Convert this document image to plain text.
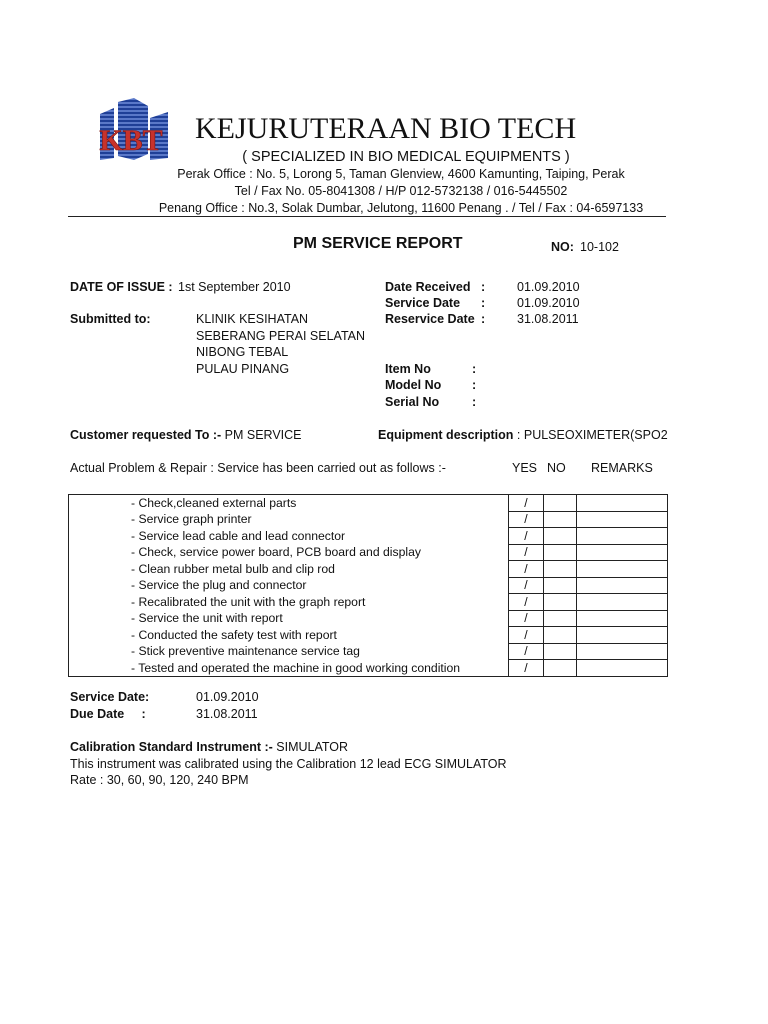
KBT KEJURUTERAAN BIO TECH
( SPECIALIZED IN BIO MEDICAL EQUIPMENTS )
Perak Office : No. 5, Lorong 5, Taman Glenview, 4600 Kamunting, Taiping, Perak
Tel / Fax No. 05-8041308 / H/P 012-5732138 / 016-5445502
Penang Office : No.3, Solak Dumbar, Jelutong, 11600 Penang . / Tel / Fax : 04-6597133
PM SERVICE REPORT	NO: 10-102
DATE OF ISSUE : 1st September 2010
Submitted to:	KLINIK KESIHATAN
SEBERANG PERAI SELATAN
NIBONG TEBAL
PULAU PINANG
Date Received :	01.09.2010
Service Date :	01.09.2010
Reservice Date :	31.08.2011
Item No	:
Model No :
Serial No	:
Customer requested To :- PM SERVICE	Equipment description : PULSEOXIMETER(SPO2
Actual Problem & Repair : Service has been carried out as follows :-	YES NO REMARKS
- Check,cleaned external parts	/		
- Service graph printer	/		
- Service lead cable and lead connector	/		
- Check, service power board, PCB board and display	/		
- Clean rubber metal bulb and clip rod	/		
- Service the plug and connector	/		
- Recalibrated the unit with the graph report	/		
- Service the unit with report	/		
- Conducted the safety test with report	/		
- Stick preventive maintenance service tag	/		
- Tested and operated the machine in good working condition	/		
Service Date:	01.09.2010
Due Date     :	31.08.2011
Calibration Standard Instrument :- SIMULATOR
This instrument was calibrated using the Calibration 12 lead ECG SIMULATOR
Rate : 30, 60, 90, 120, 240 BPM
